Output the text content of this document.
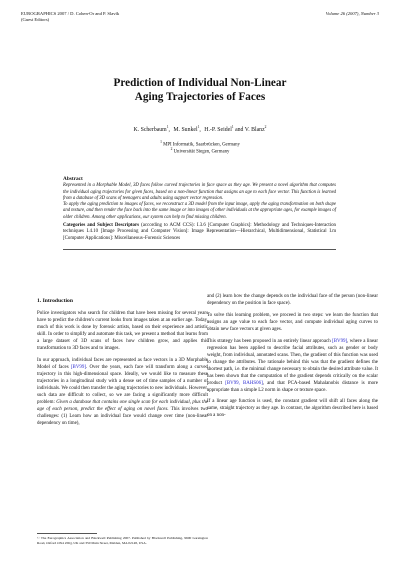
EUROGRAPHICS 2007 / D. Cohen-Or and P. Slavík
(Guest Editors)
Volume 26 (2007), Number 3
Prediction of Individual Non-Linear
Aging Trajectories of Faces
K. Scherbaum$^1$, M. Sunkel$^1$, H.-P. Seidel$^1$ and V. Blanz$^2$
$^1$ MPI Informatik, Saarbrücken, Germany
$^2$ Universität Siegen, Germany
Abstract

Represented in a Morphable Model, 3D faces follow curved trajectories in face space as they age. We present a novel algorithm that computes the individual aging trajectories for given faces, based on a non-linear function that assigns an age to each face vector. This function is learned from a database of 3D scans of teenagers and adults using support vector regression.

To apply the aging prediction to images of faces, we reconstruct a 3D model from the input image, apply the aging transformation on both shape and texture, and then render the face back into the same image or into images of other individuals at the appropriate ages, for example images of older children. Among other applications, our system can help to find missing children.

Categories and Subject Descriptors (according to ACM CCS): I.3.6 [Computer Graphics]: Methodology and Techniques-Interaction techniques I.4.10 [Image Processing and Computer Vision]: Image Representation—Hierarchical, Multidimensional, Statistical I.m [Computer Applications]: Miscellaneous–Forensic Sciences
1. Introduction

Police investigators who search for children that have been missing for several years have to predict the children's current looks from images taken at an earlier age. Today, much of this work is done by forensic artists, based on their experience and artistic skill. In order to simplify and automate this task, we present a method that learns from a large dataset of 3D scans of faces how children grow, and applies this transformation to 3D faces and to images.

In our approach, individual faces are represented as face vectors in a 3D Morphable Model of faces [BV99]. Over the years, each face will transform along a curved trajectory in this high-dimensional space. Ideally, we would like to measure these trajectories in a longitudinal study with a dense set of time samples of a number of individuals. We could then transfer the aging trajectories to new individuals. However, such data are difficult to collect, so we are facing a significantly more difficult problem: Given a database that contains one single scan for each individual, plus the age of each person, predict the effect of aging on novel faces. This involves two challenges: (1) Learn how an individual face would change over time (non-linear dependency on time),

and (2) learn how the change depends on the individual face of the person (non-linear dependency on the position in face space).

To solve this learning problem, we proceed in two steps: we learn the function that assigns an age value to each face vector, and compute individual aging curves to obtain new face vectors at given ages.

This strategy has been proposed in an entirely linear approach [BV99], where a linear regression has been applied to describe facial attributes, such as gender or body weight, from individual, annotated scans. Then, the gradient of this function was used to change the attributes. The rationale behind this was that the gradient defines the shortest path, i.e. the minimal change necessary to obtain the desired attribute value. It has been shown that the computation of the gradient depends critically on the scalar product [BV99, BAHS06], and that PCA-based Mahalanobis distance is more appropriate than a simple L2 norm in shape or texture space.

If a linear age function is used, the constant gradient will shift all faces along the same, straight trajectory as they age. In contrast, the algorithm described here is based on a non-

© The Eurographics Association and Blackwell Publishing 2007. Published by Blackwell Publishing, 9600 Garsington Road, Oxford OX4 2DQ, UK and 350 Main Street, Malden, MA 02148, USA.
